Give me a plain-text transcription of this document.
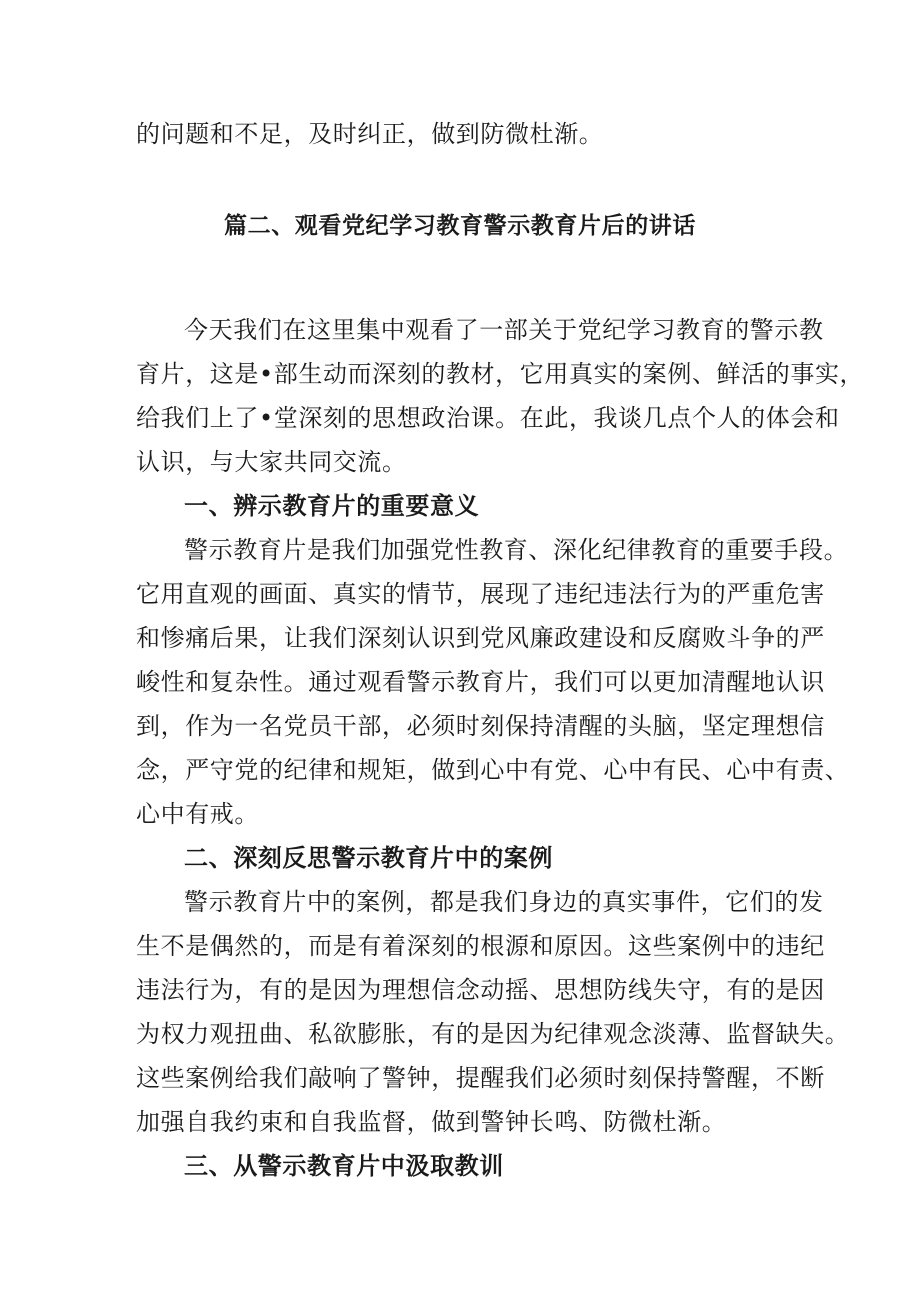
的问题和不足，及时纠正，做到防微杜渐。
篇二、观看党纪学习教育警示教育片后的讲话
今天我们在这里集中观看了一部关于党纪学习教育的警示教
育片，这是•部生动而深刻的教材，它用真实的案例、鲜活的事实，
给我们上了•堂深刻的思想政治课。在此，我谈几点个人的体会和
认识，与大家共同交流。
一、辨示教育片的重要意义
警示教育片是我们加强党性教育、深化纪律教育的重要手段。
它用直观的画面、真实的情节，展现了违纪违法行为的严重危害
和惨痛后果，让我们深刻认识到党风廉政建设和反腐败斗争的严
峻性和复杂性。通过观看警示教育片，我们可以更加清醒地认识
到，作为一名党员干部，必须时刻保持清醒的头脑，坚定理想信
念，严守党的纪律和规矩，做到心中有党、心中有民、心中有责、
心中有戒。
二、深刻反思警示教育片中的案例
警示教育片中的案例，都是我们身边的真实事件，它们的发
生不是偶然的，而是有着深刻的根源和原因。这些案例中的违纪
违法行为，有的是因为理想信念动摇、思想防线失守，有的是因
为权力观扭曲、私欲膨胀，有的是因为纪律观念淡薄、监督缺失。
这些案例给我们敲响了警钟，提醒我们必须时刻保持警醒，不断
加强自我约束和自我监督，做到警钟长鸣、防微杜渐。
三、从警示教育片中汲取教训
